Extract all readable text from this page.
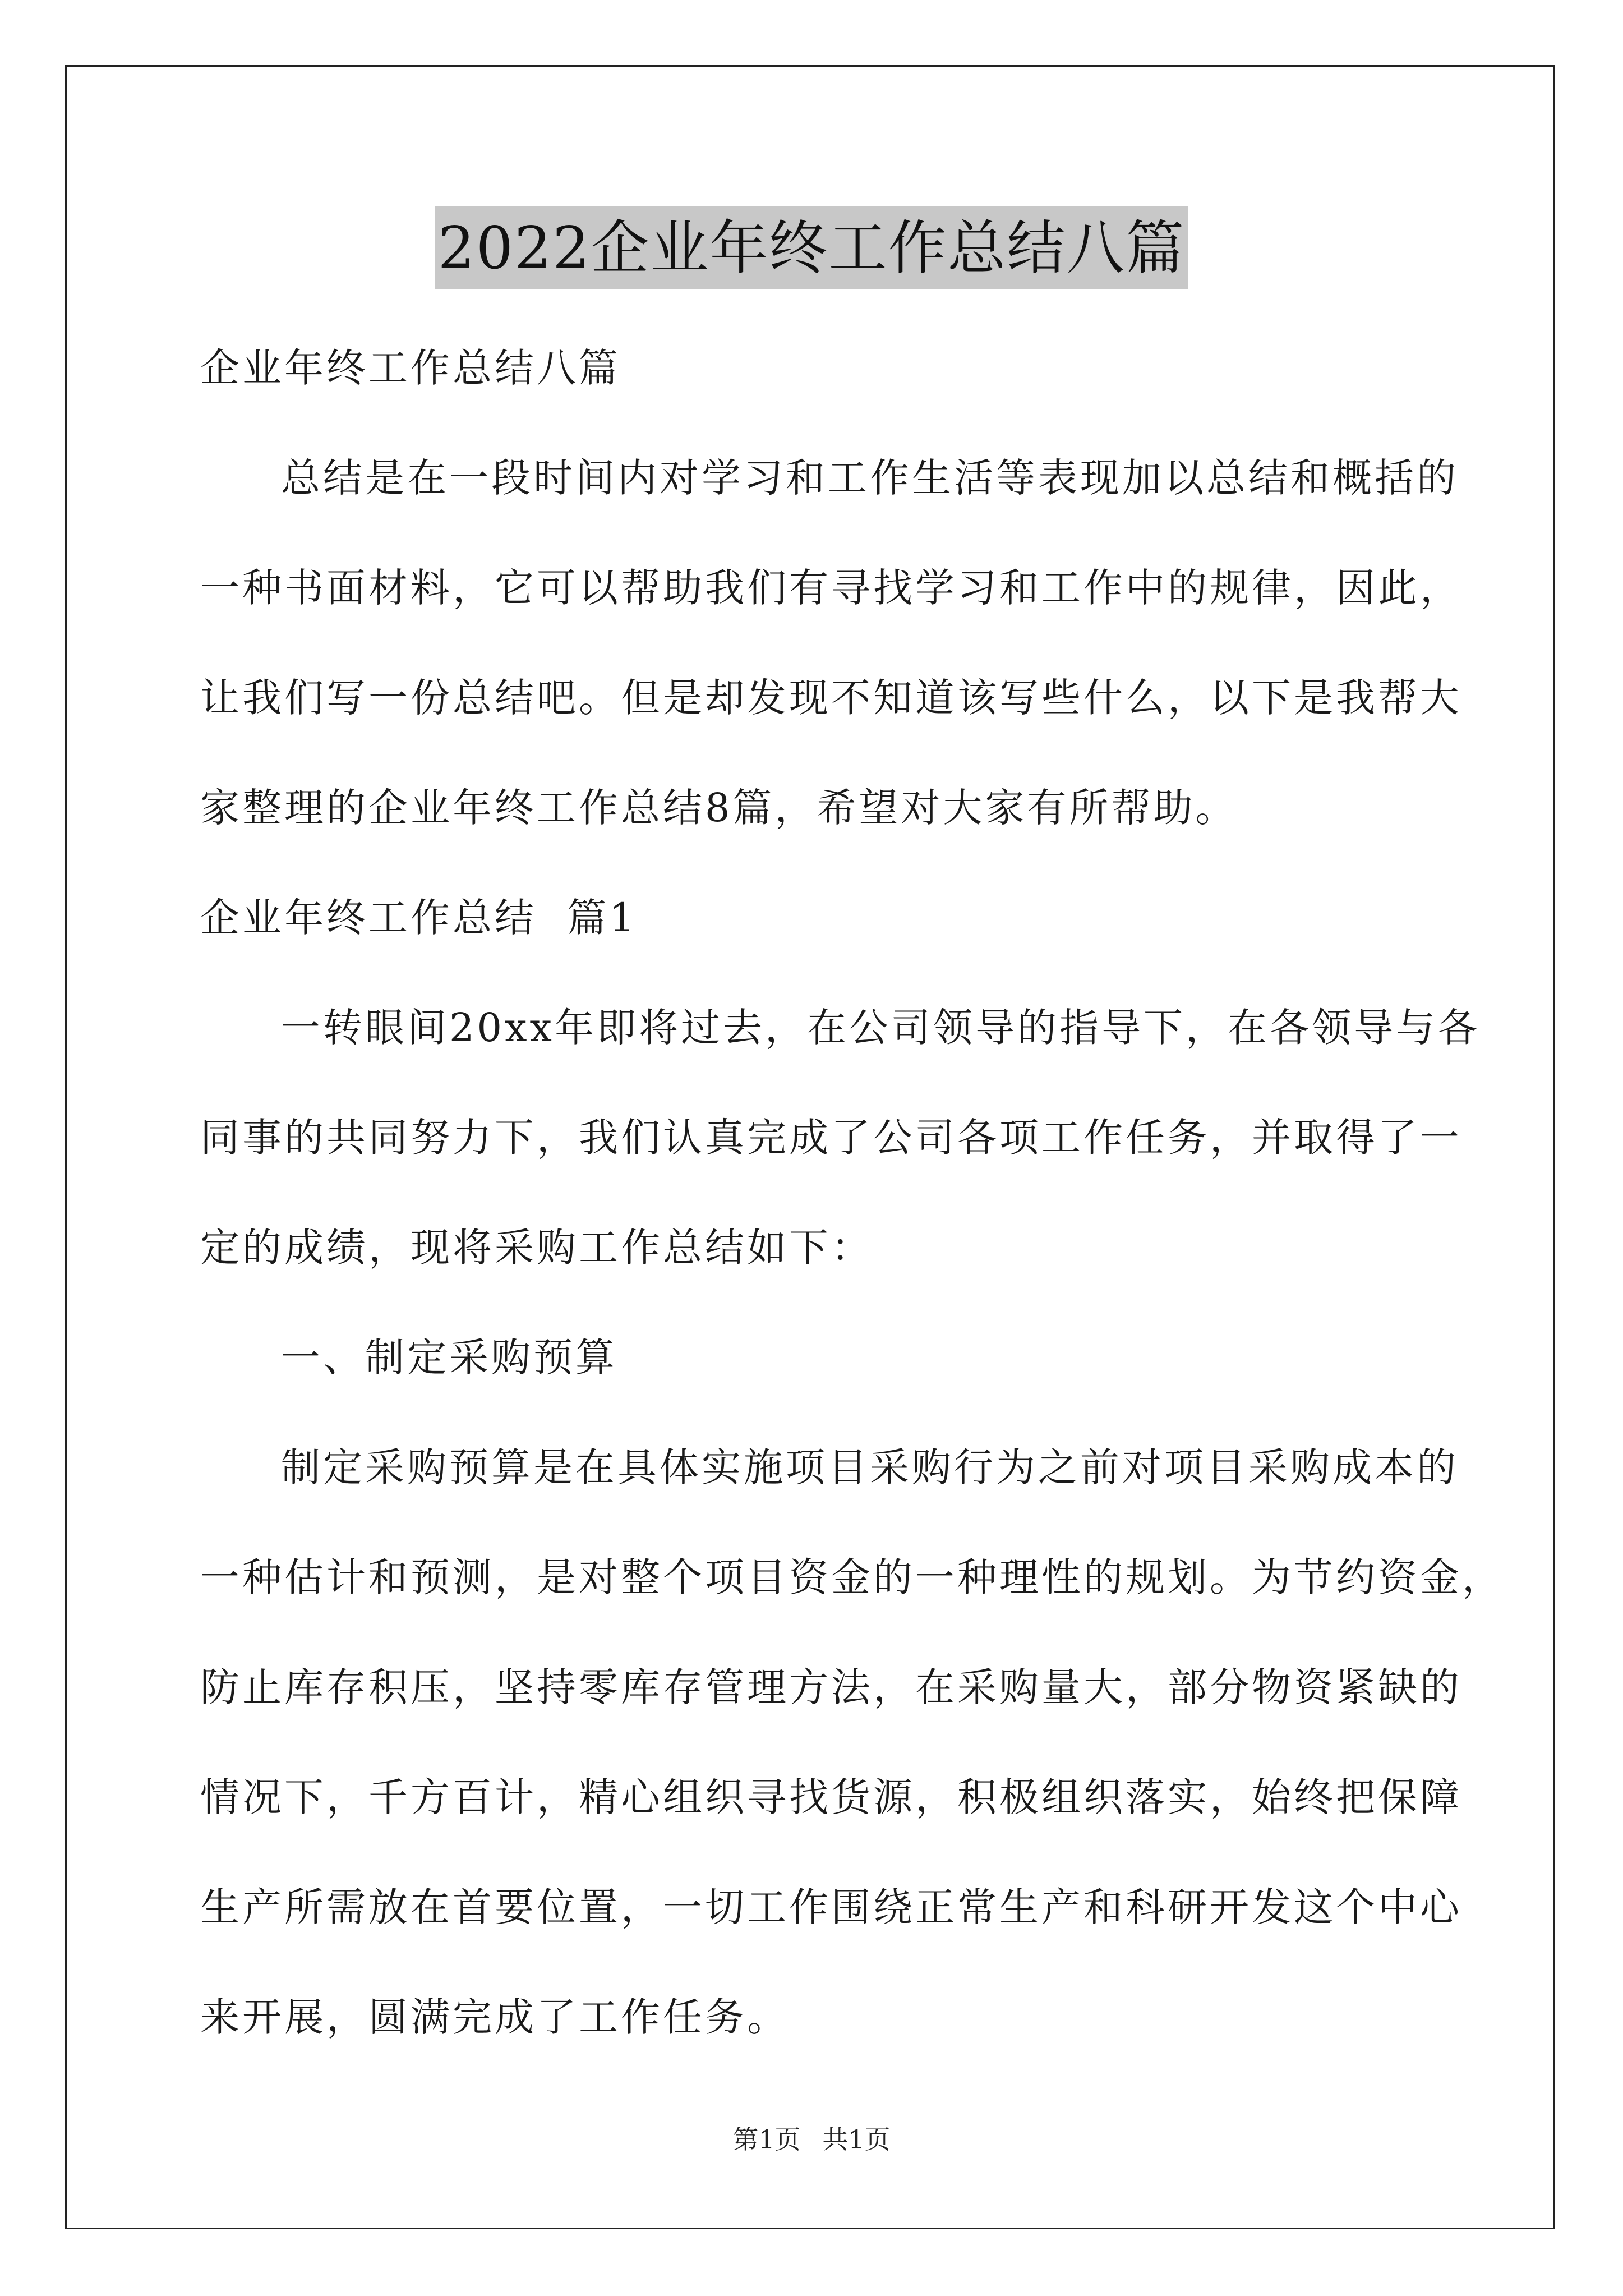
2022企业年终工作总结八篇
企业年终工作总结八篇
总结是在一段时间内对学习和工作生活等表现加以总结和概括的
一种书面材料，它可以帮助我们有寻找学习和工作中的规律，因此，
让我们写一份总结吧。但是却发现不知道该写些什么，以下是我帮大
家整理的企业年终工作总结8篇，希望对大家有所帮助。
企业年终工作总结  篇1
一转眼间20xx年即将过去，在公司领导的指导下，在各领导与各
同事的共同努力下，我们认真完成了公司各项工作任务，并取得了一
定的成绩，现将采购工作总结如下：
一、制定采购预算
制定采购预算是在具体实施项目采购行为之前对项目采购成本的
一种估计和预测，是对整个项目资金的一种理性的规划。为节约资金，
防止库存积压，坚持零库存管理方法，在采购量大，部分物资紧缺的
情况下，千方百计，精心组织寻找货源，积极组织落实，始终把保障
生产所需放在首要位置，一切工作围绕正常生产和科研开发这个中心
来开展，圆满完成了工作任务。
第1页 共1页
